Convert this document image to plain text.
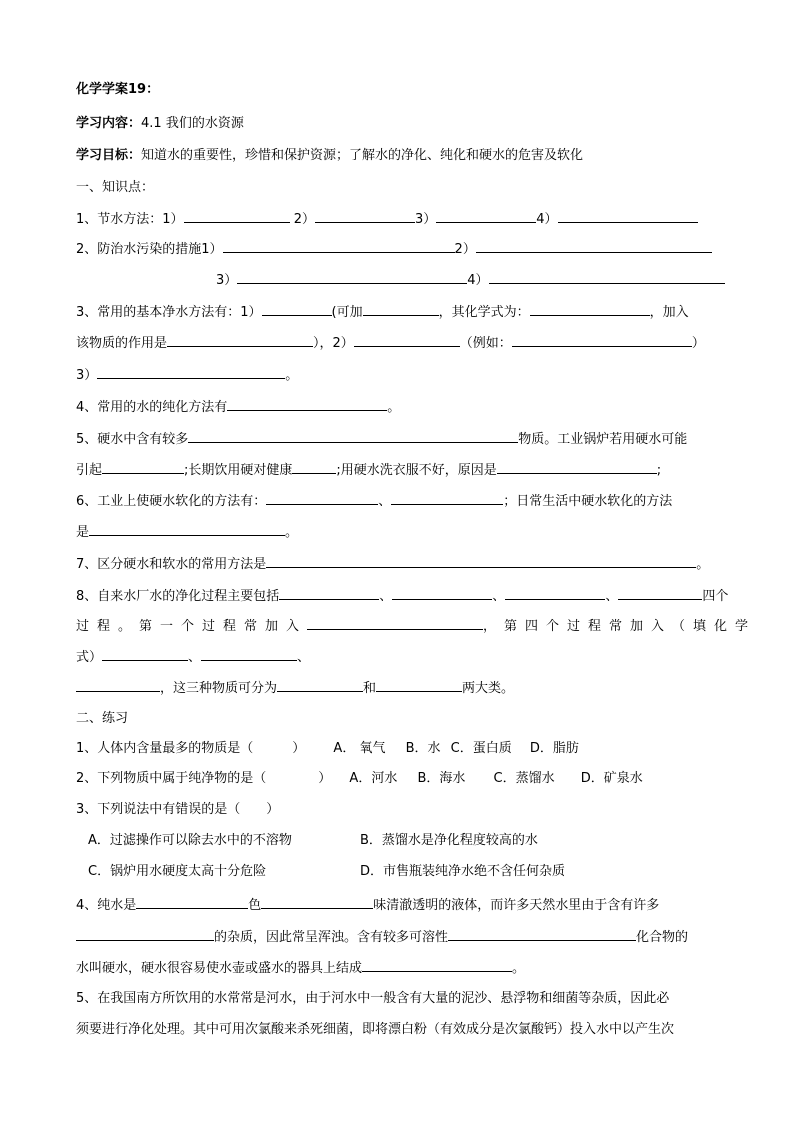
化学学案19：
学习内容：4.1 我们的水资源
学习目标：知道水的重要性，珍惜和保护资源；了解水的净化、纯化和硬水的危害及软化
一、知识点：
1、节水方法：1）	2）	3）	4）
2、防治水污染的措施1）	2）
3）	4）
3、常用的基本净水方法有：1）	(可加	，其化学式为：	，加入
该物质的作用是	），2）	（例如：	）
3）	。
4、常用的水的纯化方法有	。
5、硬水中含有较多	物质。工业锅炉若用硬水可能
引起	;长期饮用硬对健康	;用硬水洗衣服不好，原因是	;
6、工业上使硬水软化的方法有：	、	；日常生活中硬水软化的方法
是	。
7、区分硬水和软水的常用方法是	。
8、自来水厂水的净化过程主要包括	、	、	、	四个
过程。第一个过程常加入	，第四个过程常加入（填化学
式）	、	、
，这三种物质可分为	和	两大类。
二、练习
1、人体内含量最多的物质是（　　　） A． 氧气 B．水 C．蛋白质 D．脂肪
2、下列物质中属于纯净物的是（　　　　） A．河水 B．海水 C．蒸馏水 D．矿泉水
3、下列说法中有错误的是（　　）
A．过滤操作可以除去水中的不溶物	B．蒸馏水是净化程度较高的水
C．锅炉用水硬度太高十分危险	D．市售瓶装纯净水绝不含任何杂质
4、纯水是	色	味清澈透明的液体，而许多天然水里由于含有许多
的杂质，因此常呈浑浊。含有较多可溶性	化合物的
水叫硬水，硬水很容易使水壶或盛水的器具上结成	。
5、在我国南方所饮用的水常常是河水，由于河水中一般含有大量的泥沙、悬浮物和细菌等杂质，因此必
须要进行净化处理。其中可用次氯酸来杀死细菌，即将漂白粉（有效成分是次氯酸钙）投入水中以产生次
